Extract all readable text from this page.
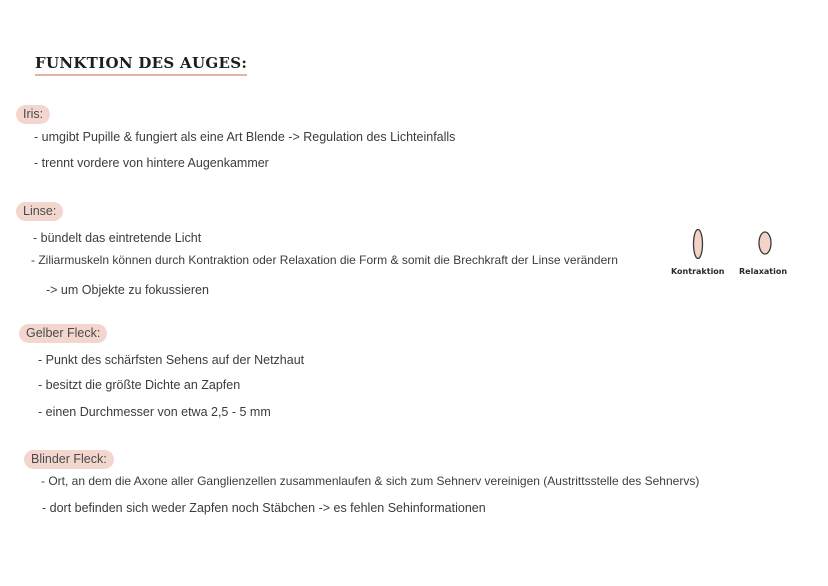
FUNKTION DES AUGES:
Iris:
- umgibt Pupille & fungiert als eine Art Blende -> Regulation des Lichteinfalls
- trennt vordere von hintere Augenkammer
Linse:
- bündelt das eintretende Licht
- Ziliarmuskeln können durch Kontraktion oder Relaxation die Form & somit die Brechkraft der Linse verändern
-> um Objekte zu fokussieren
Kontraktion Relaxation
Gelber Fleck:
- Punkt des schärfsten Sehens auf der Netzhaut
- besitzt die größte Dichte an Zapfen
- einen Durchmesser von etwa 2,5 - 5 mm
Blinder Fleck:
- Ort, an dem die Axone aller Ganglienzellen zusammenlaufen & sich zum Sehnerv vereinigen (Austrittsstelle des Sehnervs)
- dort befinden sich weder Zapfen noch Stäbchen -> es fehlen Sehinformationen
